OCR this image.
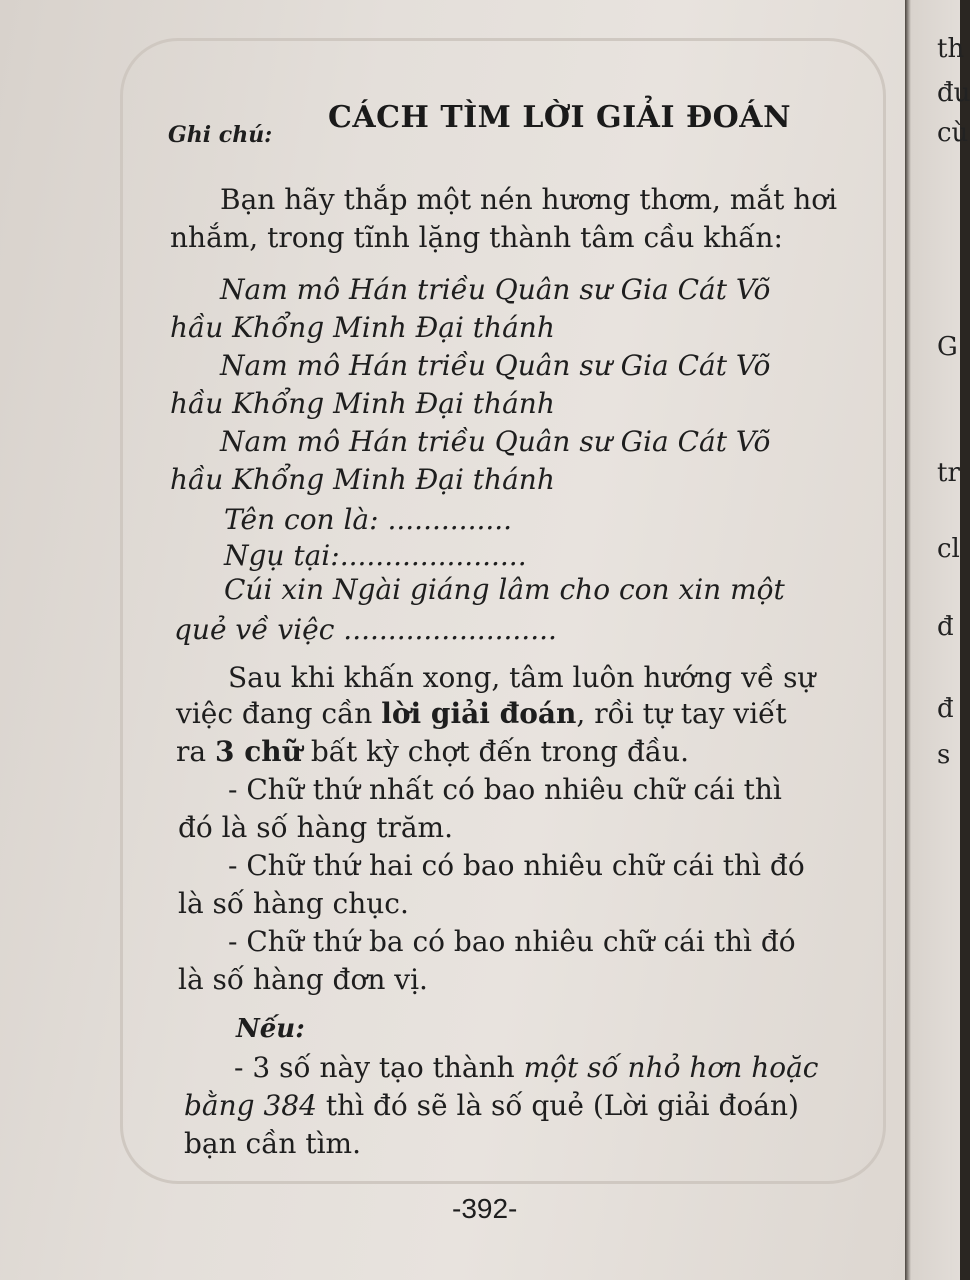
Ghi chú: CÁCH TÌM LỜI GIẢI ĐOÁN
Bạn hãy thắp một nén hương thơm, mắt hơi
nhắm, trong tĩnh lặng thành tâm cầu khấn:
Nam mô Hán triều Quân sư Gia Cát Võ
hầu Khổng Minh Đại thánh
Nam mô Hán triều Quân sư Gia Cát Võ
hầu Khổng Minh Đại thánh
Nam mô Hán triều Quân sư Gia Cát Võ
hầu Khổng Minh Đại thánh
Tên con là: ..............
Ngụ tại:.....................
Cúi xin Ngài giáng lâm cho con xin một
quẻ về việc ........................
Sau khi khấn xong, tâm luôn hướng về sự
việc đang cần lời giải đoán, rồi tự tay viết
ra 3 chữ bất kỳ chợt đến trong đầu.
- Chữ thứ nhất có bao nhiêu chữ cái thì
đó là số hàng trăm.
- Chữ thứ hai có bao nhiêu chữ cái thì đó
là số hàng chục.
- Chữ thứ ba có bao nhiêu chữ cái thì đó
là số hàng đơn vị.
Nếu:
- 3 số này tạo thành một số nhỏ hơn hoặc
bằng 384 thì đó sẽ là số quẻ (Lời giải đoán)
bạn cần tìm.
-392-
th
đu
cù
G
tr
cl
đ
đ
s
